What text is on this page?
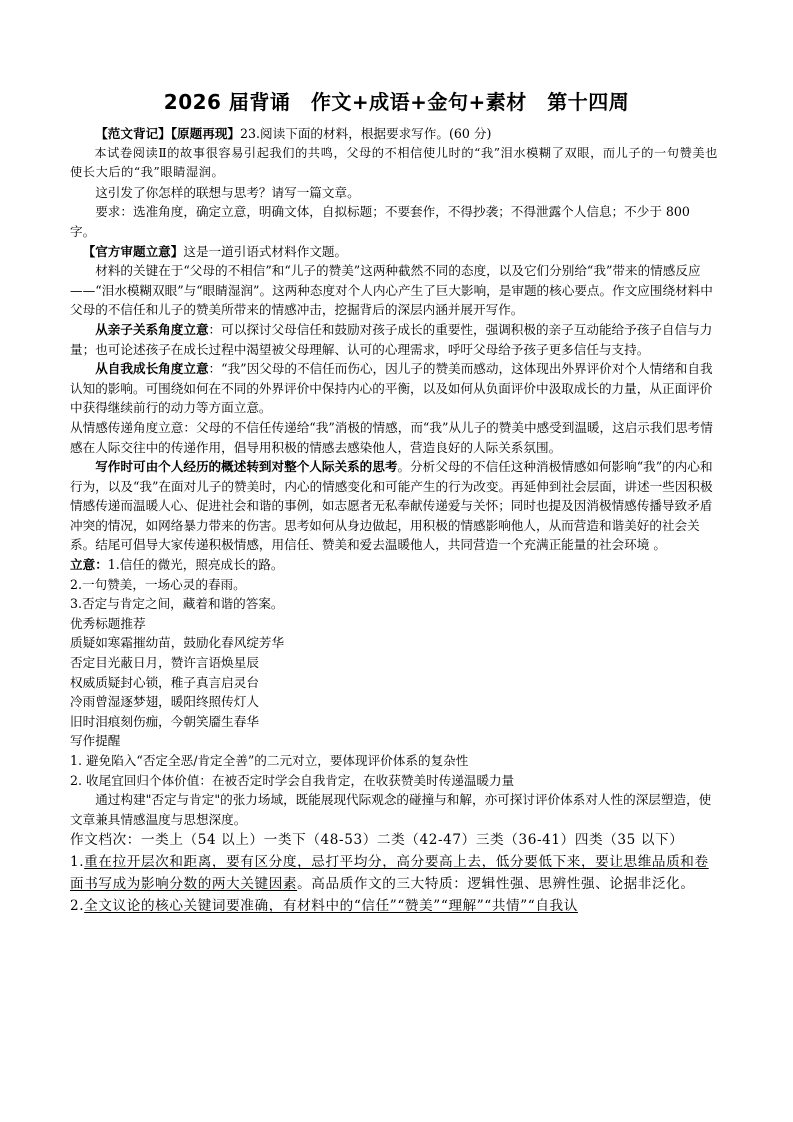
2026 届背诵　作文+成语+金句+素材　第十四周

【范文背记】【原题再现】23.阅读下面的材料，根据要求写作。(60 分)

本试卷阅读Ⅱ的故事很容易引起我们的共鸣，父母的不相信使儿时的“我”泪水模糊了双眼，而儿子的一句赞美也使长大后的“我”眼睛湿润。

这引发了你怎样的联想与思考？请写一篇文章。

要求：选准角度，确定立意，明确文体，自拟标题；不要套作，不得抄袭；不得泄露个人信息；不少于 800 字。

【官方审题立意】这是一道引语式材料作文题。

材料的关键在于“父母的不相信”和“儿子的赞美”这两种截然不同的态度，以及它们分别给“我”带来的情感反应 ——“泪水模糊双眼”与“眼睛湿润”。这两种态度对个人内心产生了巨大影响，是审题的核心要点。作文应围绕材料中父母的不信任和儿子的赞美所带来的情感冲击，挖掘背后的深层内涵并展开写作。

从亲子关系角度立意：可以探讨父母信任和鼓励对孩子成长的重要性，强调积极的亲子互动能给予孩子自信与力量；也可论述孩子在成长过程中渴望被父母理解、认可的心理需求，呼吁父母给予孩子更多信任与支持。

从自我成长角度立意：“我”因父母的不信任而伤心，因儿子的赞美而感动，这体现出外界评价对个人情绪和自我认知的影响。可围绕如何在不同的外界评价中保持内心的平衡，以及如何从负面评价中汲取成长的力量，从正面评价中获得继续前行的动力等方面立意。

从情感传递角度立意：父母的不信任传递给“我”消极的情感，而“我”从儿子的赞美中感受到温暖，这启示我们思考情感在人际交往中的传递作用，倡导用积极的情感去感染他人，营造良好的人际关系氛围。

写作时可由个人经历的概述转到对整个人际关系的思考。分析父母的不信任这种消极情感如何影响“我”的内心和行为，以及“我”在面对儿子的赞美时，内心的情感变化和可能产生的行为改变。再延伸到社会层面，讲述一些因积极情感传递而温暖人心、促进社会和谐的事例，如志愿者无私奉献传递爱与关怀；同时也提及因消极情感传播导致矛盾冲突的情况，如网络暴力带来的伤害。思考如何从身边做起，用积极的情感影响他人，从而营造和谐美好的社会关系。结尾可倡导大家传递积极情感，用信任、赞美和爱去温暖他人，共同营造一个充满正能量的社会环境 。

立意：1.信任的微光，照亮成长的路。

2.一句赞美，一场心灵的春雨。

3.否定与肯定之间，藏着和谐的答案。

优秀标题推荐

质疑如寒霜摧幼苗，鼓励化春风绽芳华

否定目光蔽日月，赞许言语焕星辰

权威质疑封心锁，稚子真言启灵台

冷雨曾湿逐梦翅，暖阳终照传灯人

旧时泪痕刻伤痂，今朝笑靥生春华

写作提醒

1. 避免陷入“否定全恶/肯定全善”的二元对立，要体现评价体系的复杂性

2. 收尾宜回归个体价值：在被否定时学会自我肯定，在收获赞美时传递温暖力量

通过构建"否定与肯定"的张力场域，既能展现代际观念的碰撞与和解，亦可探讨评价体系对人性的深层塑造，使文章兼具情感温度与思想深度。

作文档次：一类上（54 以上）一类下（48-53）二类（42-47）三类（36-41）四类（35 以下）

1.重在拉开层次和距离，要有区分度，忌打平均分，高分要高上去，低分要低下来，要让思维品质和卷面书写成为影响分数的两大关键因素。高品质作文的三大特质：逻辑性强、思辨性强、论据非泛化。

2.全文议论的核心关键词要准确，有材料中的“信任”“赞美”“理解”“共情”“自我认
